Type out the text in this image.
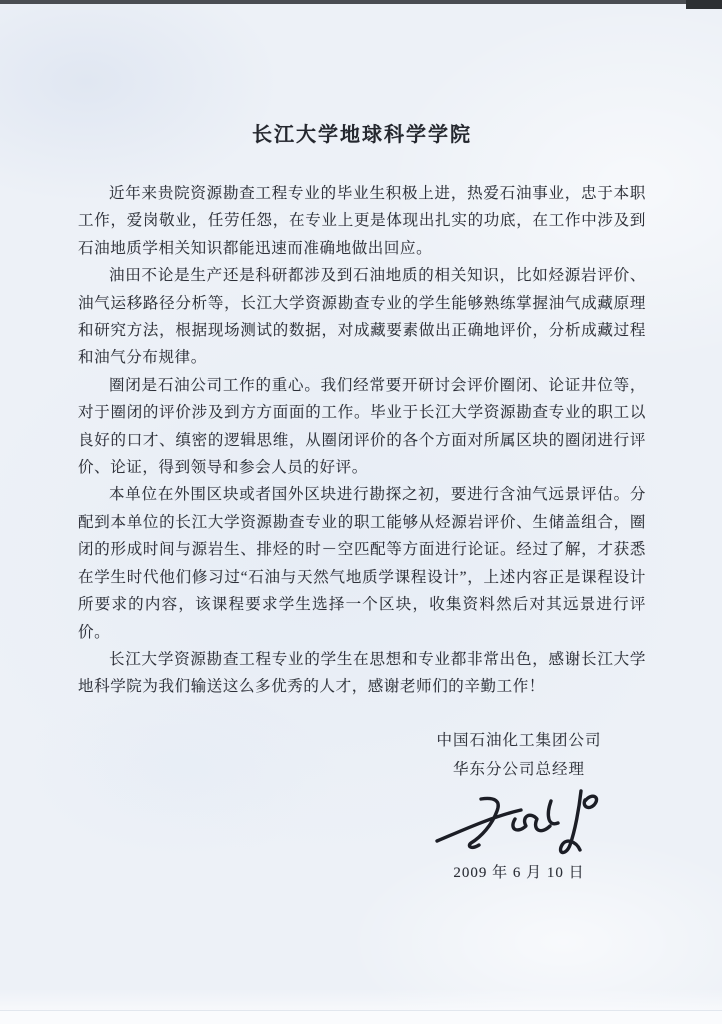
长江大学地球科学学院

近年来贵院资源勘查工程专业的毕业生积极上进，热爱石油事业，忠于本职工作，爱岗敬业，任劳任怨，在专业上更是体现出扎实的功底，在工作中涉及到石油地质学相关知识都能迅速而准确地做出回应。

油田不论是生产还是科研都涉及到石油地质的相关知识，比如烃源岩评价、油气运移路径分析等，长江大学资源勘查专业的学生能够熟练掌握油气成藏原理和研究方法，根据现场测试的数据，对成藏要素做出正确地评价，分析成藏过程和油气分布规律。

圈闭是石油公司工作的重心。我们经常要开研讨会评价圈闭、论证井位等，对于圈闭的评价涉及到方方面面的工作。毕业于长江大学资源勘查专业的职工以良好的口才、缜密的逻辑思维，从圈闭评价的各个方面对所属区块的圈闭进行评价、论证，得到领导和参会人员的好评。

本单位在外围区块或者国外区块进行勘探之初，要进行含油气远景评估。分配到本单位的长江大学资源勘查专业的职工能够从烃源岩评价、生储盖组合，圈闭的形成时间与源岩生、排烃的时－空匹配等方面进行论证。经过了解，才获悉在学生时代他们修习过“石油与天然气地质学课程设计”，上述内容正是课程设计所要求的内容，该课程要求学生选择一个区块，收集资料然后对其远景进行评价。

长江大学资源勘查工程专业的学生在思想和专业都非常出色，感谢长江大学地科学院为我们输送这么多优秀的人才，感谢老师们的辛勤工作！

中国石油化工集团公司
华东分公司总经理
2009 年 6 月 10 日
